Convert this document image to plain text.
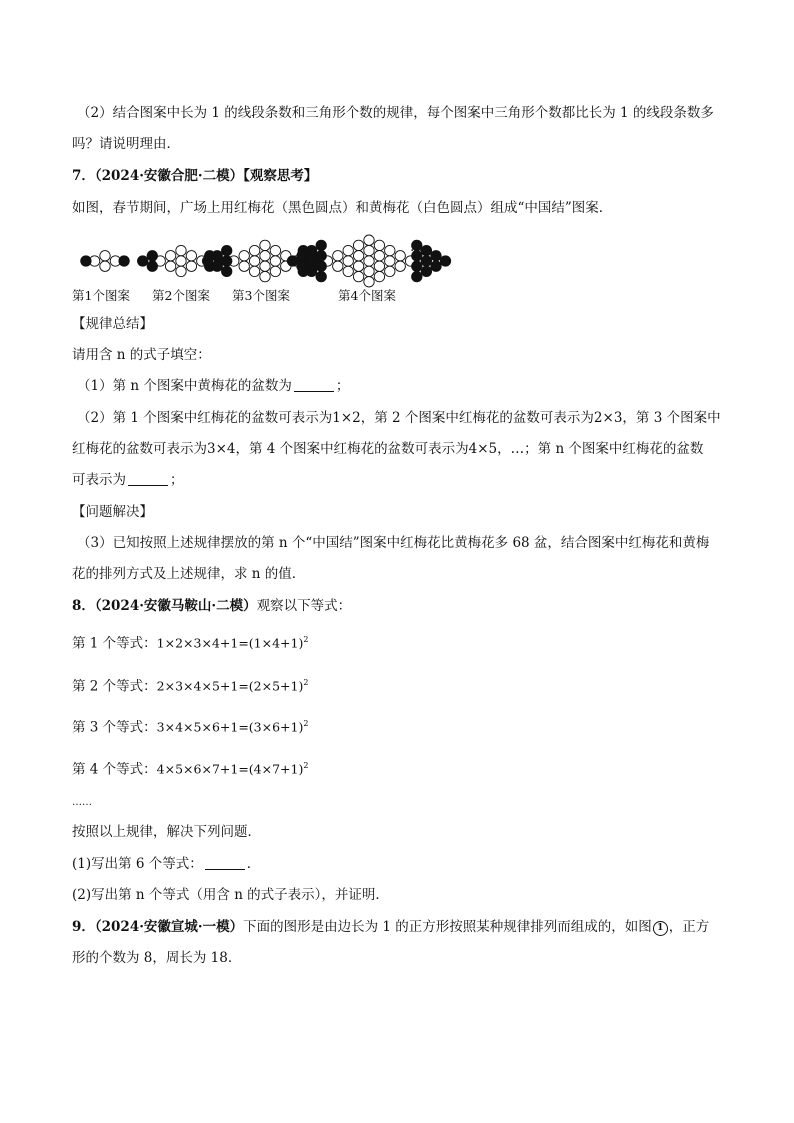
（2）结合图案中长为 1 的线段条数和三角形个数的规律，每个图案中三角形个数都比长为 1 的线段条数多
吗？请说明理由．
7．（2024·安徽合肥·二模）【观察思考】
如图，春节期间，广场上用红梅花（黑色圆点）和黄梅花（白色圆点）组成“中国结”图案．
…
第1个图案 第2个图案 第3个图案	第4个图案
【规律总结】
请用含 n 的式子填空：
（1）第 n 个图案中黄梅花的盆数为	；
（2）第 1 个图案中红梅花的盆数可表示为1×2，第 2 个图案中红梅花的盆数可表示为2×3，第 3 个图案中
红梅花的盆数可表示为3×4，第 4 个图案中红梅花的盆数可表示为4×5，…；第 n 个图案中红梅花的盆数
可表示为	；
【问题解决】
（3）已知按照上述规律摆放的第 n 个“中国结”图案中红梅花比黄梅花多 68 盆，结合图案中红梅花和黄梅
花的排列方式及上述规律，求 n 的值．
8．（2024·安徽马鞍山·二模）观察以下等式：
第 1 个等式：$1\times 2\times 3\times 4+1=(1\times 4+1)^2$
第 2 个等式：$2\times 3\times 4\times 5+1=(2\times 5+1)^2$
第 3 个等式：$3\times 4\times 5\times 6+1=(3\times 6+1)^2$
第 4 个等式：$4\times 5\times 6\times 7+1=(4\times 7+1)^2$
……
按照以上规律，解决下列问题．
(1)写出第 6 个等式：	．
(2)写出第 n 个等式（用含 n 的式子表示），并证明．
9．（2024·安徽宣城·一模）下面的图形是由边长为 1 的正方形按照某种规律排列而组成的，如图 1 ，正方
形的个数为 8，周长为 18．
